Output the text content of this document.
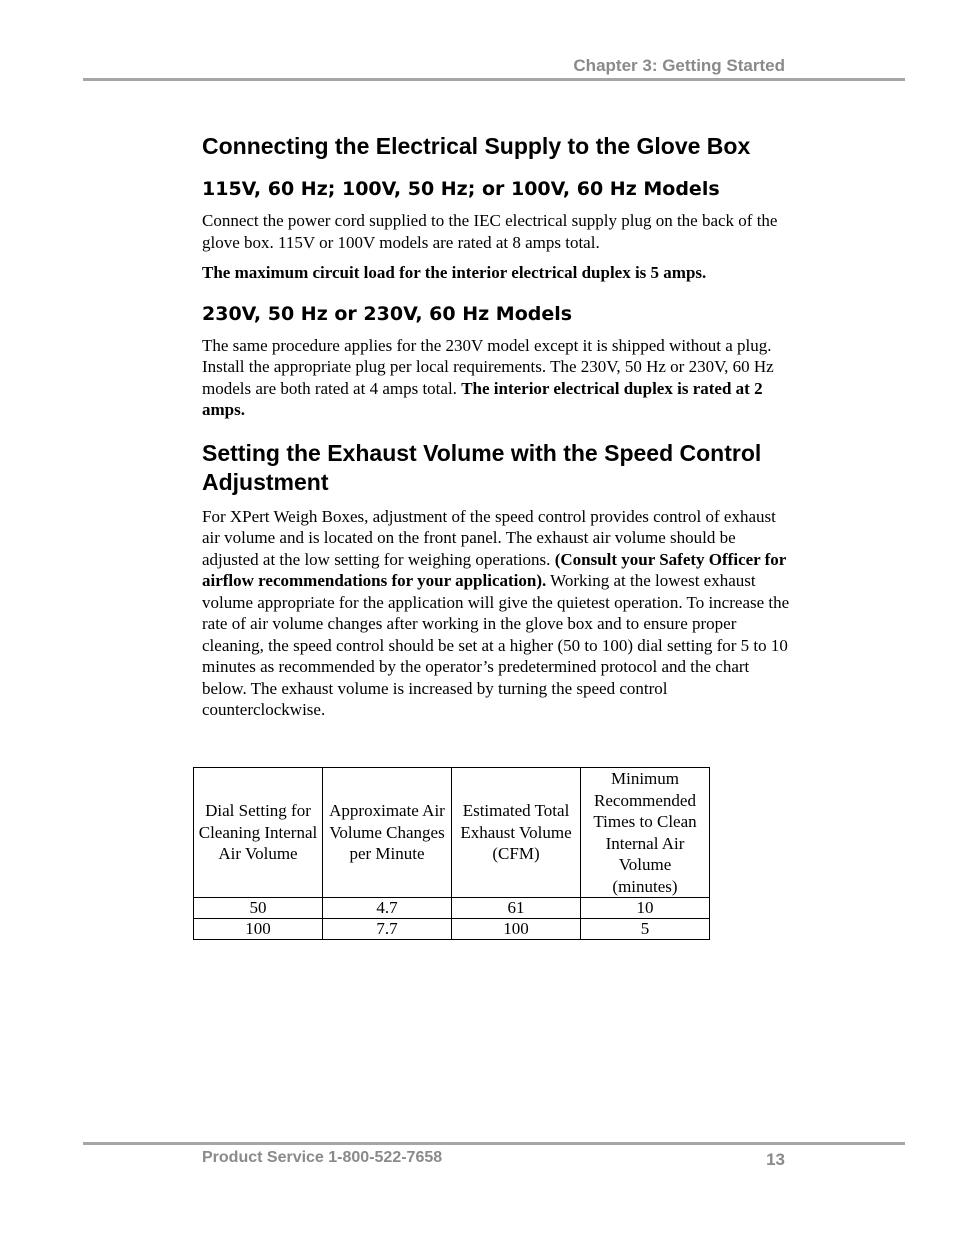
Chapter 3: Getting Started
Connecting the Electrical Supply to the Glove Box
115V, 60 Hz; 100V, 50 Hz; or 100V, 60 Hz Models

Connect the power cord supplied to the IEC electrical supply plug on the back of the glove box. 115V or 100V models are rated at 8 amps total.

The maximum circuit load for the interior electrical duplex is 5 amps.

230V, 50 Hz or 230V, 60 Hz Models

The same procedure applies for the 230V model except it is shipped without a plug. Install the appropriate plug per local requirements. The 230V, 50 Hz or 230V, 60 Hz models are both rated at 4 amps total. The interior electrical duplex is rated at 2 amps.

Setting the Exhaust Volume with the Speed Control Adjustment

For XPert Weigh Boxes, adjustment of the speed control provides control of exhaust air volume and is located on the front panel. The exhaust air volume should be adjusted at the low setting for weighing operations. (Consult your Safety Officer for airflow recommendations for your application). Working at the lowest exhaust volume appropriate for the application will give the quietest operation. To increase the rate of air volume changes after working in the glove box and to ensure proper cleaning, the speed control should be set at a higher (50 to 100) dial setting for 5 to 10 minutes as recommended by the operator’s predetermined protocol and the chart below. The exhaust volume is increased by turning the speed control counterclockwise.

Dial Setting for Cleaning Internal Air Volume	Approximate Air Volume Changes per Minute	Estimated Total Exhaust Volume (CFM)	Minimum Recommended Times to Clean Internal Air Volume (minutes)
50	4.7	61	10
100	7.7	100	5
Product Service 1-800-522-7658	13
